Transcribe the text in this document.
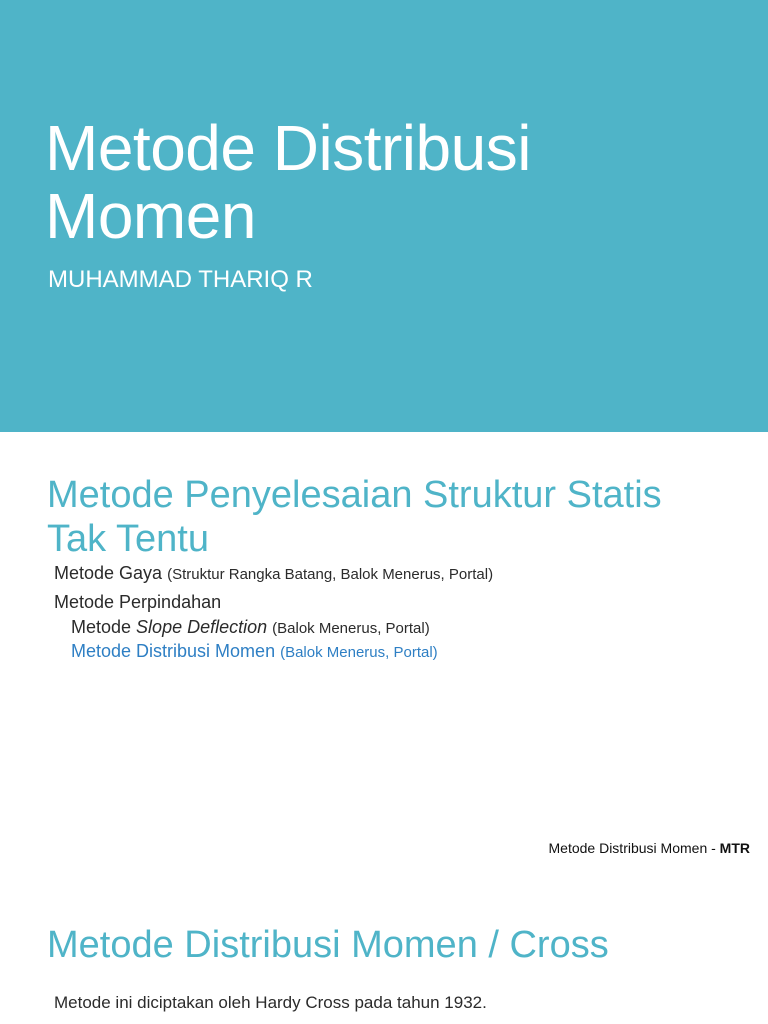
Metode Distribusi
Momen
MUHAMMAD THARIQ R
Metode Penyelesaian Struktur Statis
Tak Tentu
Metode Gaya (Struktur Rangka Batang, Balok Menerus, Portal)
Metode Perpindahan
Metode Slope Deflection (Balok Menerus, Portal)
Metode Distribusi Momen (Balok Menerus, Portal)
Metode Distribusi Momen - MTR
Metode Distribusi Momen / Cross
Metode ini diciptakan oleh Hardy Cross pada tahun 1932.
